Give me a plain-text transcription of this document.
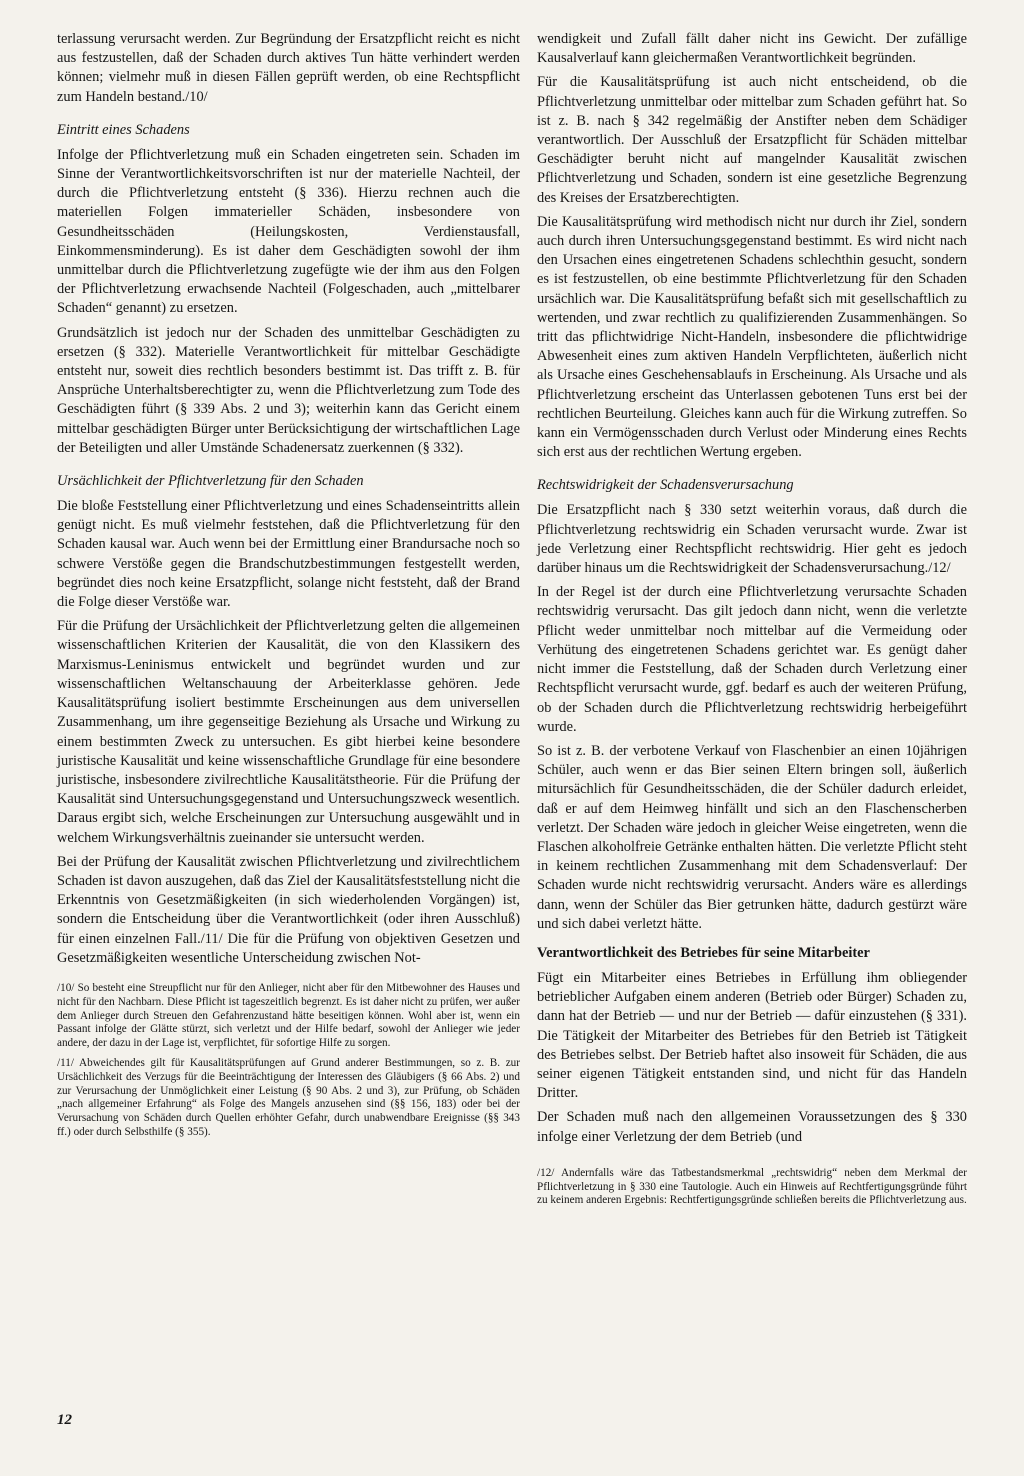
terlassung verursacht werden. Zur Begründung der Ersatzpflicht reicht es nicht aus festzustellen, daß der Schaden durch aktives Tun hätte verhindert werden können; vielmehr muß in diesen Fällen geprüft werden, ob eine Rechtspflicht zum Handeln bestand./10/

Eintritt eines Schadens

Infolge der Pflichtverletzung muß ein Schaden eingetreten sein. Schaden im Sinne der Verantwortlichkeitsvorschriften ist nur der materielle Nachteil, der durch die Pflichtverletzung entsteht (§ 336). Hierzu rechnen auch die materiellen Folgen immaterieller Schäden, insbesondere von Gesundheitsschäden (Heilungskosten, Verdienstausfall, Einkommensminderung). Es ist daher dem Geschädigten sowohl der ihm unmittelbar durch die Pflichtverletzung zugefügte wie der ihm aus den Folgen der Pflichtverletzung erwachsende Nachteil (Folgeschaden, auch „mittelbarer Schaden“ genannt) zu ersetzen.

Grundsätzlich ist jedoch nur der Schaden des unmittelbar Geschädigten zu ersetzen (§ 332). Materielle Verantwortlichkeit für mittelbar Geschädigte entsteht nur, soweit dies rechtlich besonders bestimmt ist. Das trifft z. B. für Ansprüche Unterhaltsberechtigter zu, wenn die Pflichtverletzung zum Tode des Geschädigten führt (§ 339 Abs. 2 und 3); weiterhin kann das Gericht einem mittelbar geschädigten Bürger unter Berücksichtigung der wirtschaftlichen Lage der Beteiligten und aller Umstände Schadenersatz zuerkennen (§ 332).

Ursächlichkeit der Pflichtverletzung für den Schaden

Die bloße Feststellung einer Pflichtverletzung und eines Schadenseintritts allein genügt nicht. Es muß vielmehr feststehen, daß die Pflichtverletzung für den Schaden kausal war. Auch wenn bei der Ermittlung einer Brandursache noch so schwere Verstöße gegen die Brandschutzbestimmungen festgestellt werden, begründet dies noch keine Ersatzpflicht, solange nicht feststeht, daß der Brand die Folge dieser Verstöße war.

Für die Prüfung der Ursächlichkeit der Pflichtverletzung gelten die allgemeinen wissenschaftlichen Kriterien der Kausalität, die von den Klassikern des Marxismus-Leninismus entwickelt und begründet wurden und zur wissenschaftlichen Weltanschauung der Arbeiterklasse gehören. Jede Kausalitätsprüfung isoliert bestimmte Erscheinungen aus dem universellen Zusammenhang, um ihre gegenseitige Beziehung als Ursache und Wirkung zu einem bestimmten Zweck zu untersuchen. Es gibt hierbei keine besondere juristische Kausalität und keine wissenschaftliche Grundlage für eine besondere juristische, insbesondere zivilrechtliche Kausalitätstheorie. Für die Prüfung der Kausalität sind Untersuchungsgegenstand und Untersuchungszweck wesentlich. Daraus ergibt sich, welche Erscheinungen zur Untersuchung ausgewählt und in welchem Wirkungsverhältnis zueinander sie untersucht werden.

Bei der Prüfung der Kausalität zwischen Pflichtverletzung und zivilrechtlichem Schaden ist davon auszugehen, daß das Ziel der Kausalitätsfeststellung nicht die Erkenntnis von Gesetzmäßigkeiten (in sich wiederholenden Vorgängen) ist, sondern die Entscheidung über die Verantwortlichkeit (oder ihren Ausschluß) für einen einzelnen Fall./11/ Die für die Prüfung von objektiven Gesetzen und Gesetzmäßigkeiten wesentliche Unterscheidung zwischen Not-

/10/ So besteht eine Streupflicht nur für den Anlieger, nicht aber für den Mitbewohner des Hauses und nicht für den Nachbarn. Diese Pflicht ist tageszeitlich begrenzt. Es ist daher nicht zu prüfen, wer außer dem Anlieger durch Streuen den Gefahrenzustand hätte beseitigen können. Wohl aber ist, wenn ein Passant infolge der Glätte stürzt, sich verletzt und der Hilfe bedarf, sowohl der Anlieger wie jeder andere, der dazu in der Lage ist, verpflichtet, für sofortige Hilfe zu sorgen.

/11/ Abweichendes gilt für Kausalitätsprüfungen auf Grund anderer Bestimmungen, so z. B. zur Ursächlichkeit des Verzugs für die Beeinträchtigung der Interessen des Gläubigers (§ 66 Abs. 2) und zur Verursachung der Unmöglichkeit einer Leistung (§ 90 Abs. 2 und 3), zur Prüfung, ob Schäden „nach allgemeiner Erfahrung“ als Folge des Mangels anzusehen sind (§§ 156, 183) oder bei der Verursachung von Schäden durch Quellen erhöhter Gefahr, durch unabwendbare Ereignisse (§§ 343 ff.) oder durch Selbsthilfe (§ 355).

wendigkeit und Zufall fällt daher nicht ins Gewicht. Der zufällige Kausalverlauf kann gleichermaßen Verantwortlichkeit begründen.

Für die Kausalitätsprüfung ist auch nicht entscheidend, ob die Pflichtverletzung unmittelbar oder mittelbar zum Schaden geführt hat. So ist z. B. nach § 342 regelmäßig der Anstifter neben dem Schädiger verantwortlich. Der Ausschluß der Ersatzpflicht für Schäden mittelbar Geschädigter beruht nicht auf mangelnder Kausalität zwischen Pflichtverletzung und Schaden, sondern ist eine gesetzliche Begrenzung des Kreises der Ersatzberechtigten.

Die Kausalitätsprüfung wird methodisch nicht nur durch ihr Ziel, sondern auch durch ihren Untersuchungsgegenstand bestimmt. Es wird nicht nach den Ursachen eines eingetretenen Schadens schlechthin gesucht, sondern es ist festzustellen, ob eine bestimmte Pflichtverletzung für den Schaden ursächlich war. Die Kausalitätsprüfung befaßt sich mit gesellschaftlich zu wertenden, und zwar rechtlich zu qualifizierenden Zusammenhängen. So tritt das pflichtwidrige Nicht-Handeln, insbesondere die pflichtwidrige Abwesenheit eines zum aktiven Handeln Verpflichteten, äußerlich nicht als Ursache eines Geschehensablaufs in Erscheinung. Als Ursache und als Pflichtverletzung erscheint das Unterlassen gebotenen Tuns erst bei der rechtlichen Beurteilung. Gleiches kann auch für die Wirkung zutreffen. So kann ein Vermögensschaden durch Verlust oder Minderung eines Rechts sich erst aus der rechtlichen Wertung ergeben.

Rechtswidrigkeit der Schadensverursachung

Die Ersatzpflicht nach § 330 setzt weiterhin voraus, daß durch die Pflichtverletzung rechtswidrig ein Schaden verursacht wurde. Zwar ist jede Verletzung einer Rechtspflicht rechtswidrig. Hier geht es jedoch darüber hinaus um die Rechtswidrigkeit der Schadensverursachung./12/

In der Regel ist der durch eine Pflichtverletzung verursachte Schaden rechtswidrig verursacht. Das gilt jedoch dann nicht, wenn die verletzte Pflicht weder unmittelbar noch mittelbar auf die Vermeidung oder Verhütung des eingetretenen Schadens gerichtet war. Es genügt daher nicht immer die Feststellung, daß der Schaden durch Verletzung einer Rechtspflicht verursacht wurde, ggf. bedarf es auch der weiteren Prüfung, ob der Schaden durch die Pflichtverletzung rechtswidrig herbeigeführt wurde.

So ist z. B. der verbotene Verkauf von Flaschenbier an einen 10jährigen Schüler, auch wenn er das Bier seinen Eltern bringen soll, äußerlich mitursächlich für Gesundheitsschäden, die der Schüler dadurch erleidet, daß er auf dem Heimweg hinfällt und sich an den Flaschenscherben verletzt. Der Schaden wäre jedoch in gleicher Weise eingetreten, wenn die Flaschen alkoholfreie Getränke enthalten hätten. Die verletzte Pflicht steht in keinem rechtlichen Zusammenhang mit dem Schadensverlauf: Der Schaden wurde nicht rechtswidrig verursacht. Anders wäre es allerdings dann, wenn der Schüler das Bier getrunken hätte, dadurch gestürzt wäre und sich dabei verletzt hätte.

Verantwortlichkeit des Betriebes für seine Mitarbeiter

Fügt ein Mitarbeiter eines Betriebes in Erfüllung ihm obliegender betrieblicher Aufgaben einem anderen (Betrieb oder Bürger) Schaden zu, dann hat der Betrieb — und nur der Betrieb — dafür einzustehen (§ 331). Die Tätigkeit der Mitarbeiter des Betriebes für den Betrieb ist Tätigkeit des Betriebes selbst. Der Betrieb haftet also insoweit für Schäden, die aus seiner eigenen Tätigkeit entstanden sind, und nicht für das Handeln Dritter.

Der Schaden muß nach den allgemeinen Voraussetzungen des § 330 infolge einer Verletzung der dem Betrieb (und

/12/ Andernfalls wäre das Tatbestandsmerkmal „rechtswidrig“ neben dem Merkmal der Pflichtverletzung in § 330 eine Tautologie. Auch ein Hinweis auf Rechtfertigungsgründe führt zu keinem anderen Ergebnis: Rechtfertigungsgründe schließen bereits die Pflichtverletzung aus.

12
